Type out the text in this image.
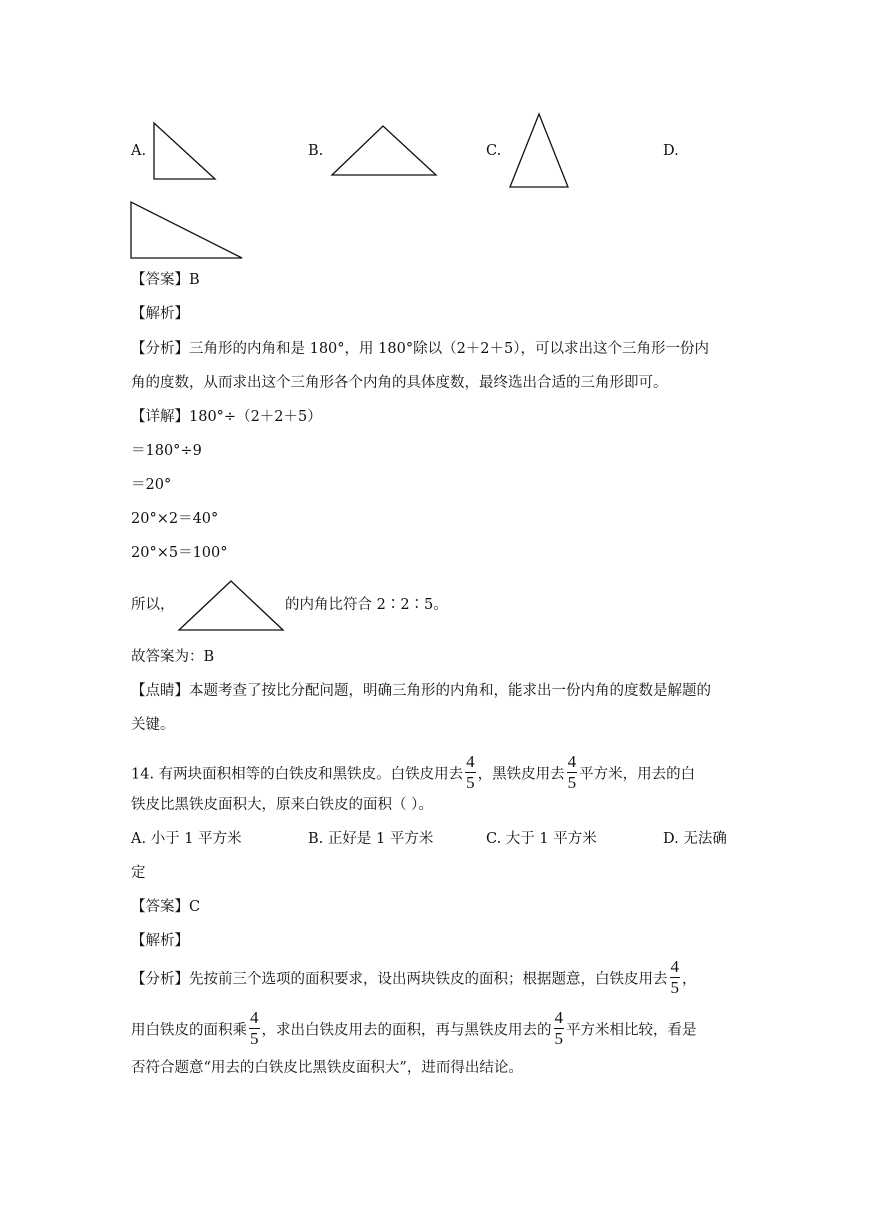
A.	B.	C.	D.
【答案】B
【解析】
【分析】三角形的内角和是 180°，用 180°除以（2＋2＋5），可以求出这个三角形一份内
角的度数，从而求出这个三角形各个内角的具体度数，最终选出合适的三角形即可。
【详解】180°÷（2＋2＋5）
＝180°÷9
＝20°
20°×2＝40°
20°×5＝100°
所以，	的内角比符合 2∶2∶5。
故答案为：B
【点睛】本题考查了按比分配问题，明确三角形的内角和，能求出一份内角的度数是解题的
关键。
14. 有两块面积相等的白铁皮和黑铁皮。白铁皮用去 $\frac{4}{5}$ ，黑铁皮用去 $\frac{4}{5}$ 平方米，用去的白
铁皮比黑铁皮面积大，原来白铁皮的面积（ ）。
A. 小于 1 平方米	B. 正好是 1 平方米	C. 大于 1 平方米	D. 无法确
定
【答案】C
【解析】
【分析】先按前三个选项的面积要求，设出两块铁皮的面积；根据题意，白铁皮用去 $\frac{4}{5}$ ，
用白铁皮的面积乘 $\frac{4}{5}$ ，求出白铁皮用去的面积，再与黑铁皮用去的 $\frac{4}{5}$ 平方米相比较，看是
否符合题意“用去的白铁皮比黑铁皮面积大”，进而得出结论。
